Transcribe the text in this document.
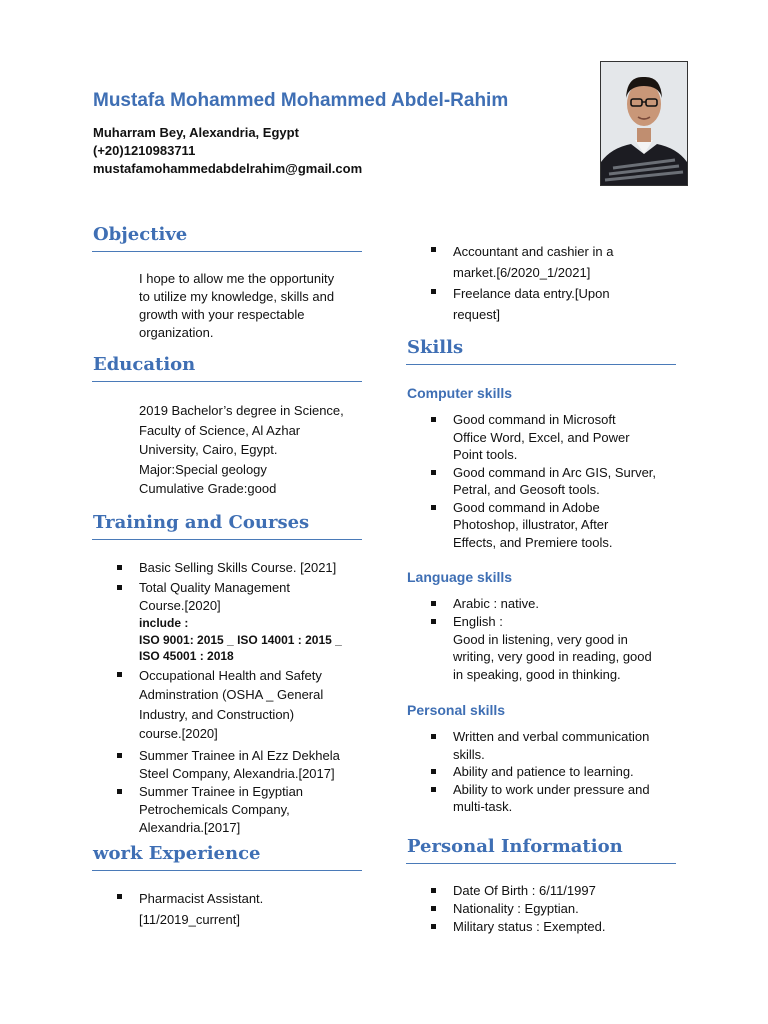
Mustafa Mohammed Mohammed Abdel-Rahim
Muharram Bey, Alexandria, Egypt
(+20)1210983711
mustafamohammedabdelrahim@gmail.com
Objective
I hope to allow me the opportunity
to utilize my knowledge, skills and
growth with your respectable
organization.
Education
2019 Bachelor’s degree in Science,
Faculty of Science, Al Azhar
University, Cairo, Egypt.
Major:Special geology
Cumulative Grade:good
Training and Courses
Basic Selling Skills Course. [2021]
Total Quality Management
Course.[2020]
include :
ISO 9001: 2015 _ ISO 14001 : 2015 _
ISO 45001 : 2018
Occupational Health and Safety
Adminstration (OSHA _ General
Industry, and Construction)
course.[2020]
Summer Trainee in Al Ezz Dekhela
Steel Company, Alexandria.[2017]
Summer Trainee in Egyptian
Petrochemicals Company,
Alexandria.[2017]
work Experience
Pharmacist Assistant.
[11/2019_current]
Accountant and cashier in a
market.[6/2020_1/2021]
Freelance data entry.[Upon
request]
Skills
Computer skills
Good command in Microsoft
Office Word, Excel, and Power
Point tools.
Good command in Arc GIS, Surver,
Petral, and Geosoft tools.
Good command in Adobe
Photoshop, illustrator, After
Effects, and Premiere tools.
Language skills
Arabic : native.
English :
Good in listening, very good in
writing, very good in reading, good
in speaking, good in thinking.
Personal skills
Written and verbal communication
skills.
Ability and patience to learning.
Ability to work under pressure and
multi-task.
Personal Information
Date Of Birth : 6/11/1997
Nationality : Egyptian.
Military status : Exempted.
